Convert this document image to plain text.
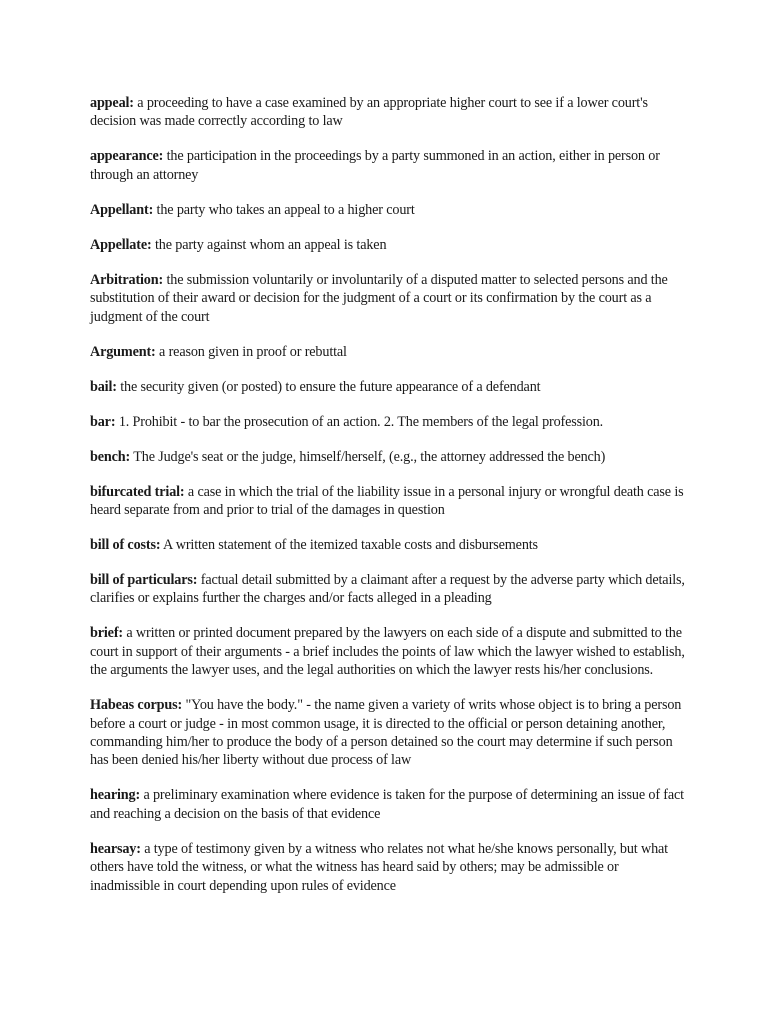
appeal: a proceeding to have a case examined by an appropriate higher court to see if a lower court's decision was made correctly according to law

appearance: the participation in the proceedings by a party summoned in an action, either in person or through an attorney

Appellant: the party who takes an appeal to a higher court

Appellate: the party against whom an appeal is taken

Arbitration: the submission voluntarily or involuntarily of a disputed matter to selected persons and the substitution of their award or decision for the judgment of a court or its confirmation by the court as a judgment of the court

Argument: a reason given in proof or rebuttal

bail: the security given (or posted) to ensure the future appearance of a defendant

bar: 1. Prohibit - to bar the prosecution of an action. 2. The members of the legal profession.

bench: The Judge's seat or the judge, himself/herself, (e.g., the attorney addressed the bench)

bifurcated trial: a case in which the trial of the liability issue in a personal injury or wrongful death case is heard separate from and prior to trial of the damages in question

bill of costs: A written statement of the itemized taxable costs and disbursements

bill of particulars: factual detail submitted by a claimant after a request by the adverse party which details, clarifies or explains further the charges and/or facts alleged in a pleading

brief: a written or printed document prepared by the lawyers on each side of a dispute and submitted to the court in support of their arguments - a brief includes the points of law which the lawyer wished to establish, the arguments the lawyer uses, and the legal authorities on which the lawyer rests his/her conclusions.

Habeas corpus: "You have the body." - the name given a variety of writs whose object is to bring a person before a court or judge - in most common usage, it is directed to the official or person detaining another, commanding him/her to produce the body of a person detained so the court may determine if such person has been denied his/her liberty without due process of law

hearing: a preliminary examination where evidence is taken for the purpose of determining an issue of fact and reaching a decision on the basis of that evidence

hearsay: a type of testimony given by a witness who relates not what he/she knows personally, but what others have told the witness, or what the witness has heard said by others; may be admissible or inadmissible in court depending upon rules of evidence
